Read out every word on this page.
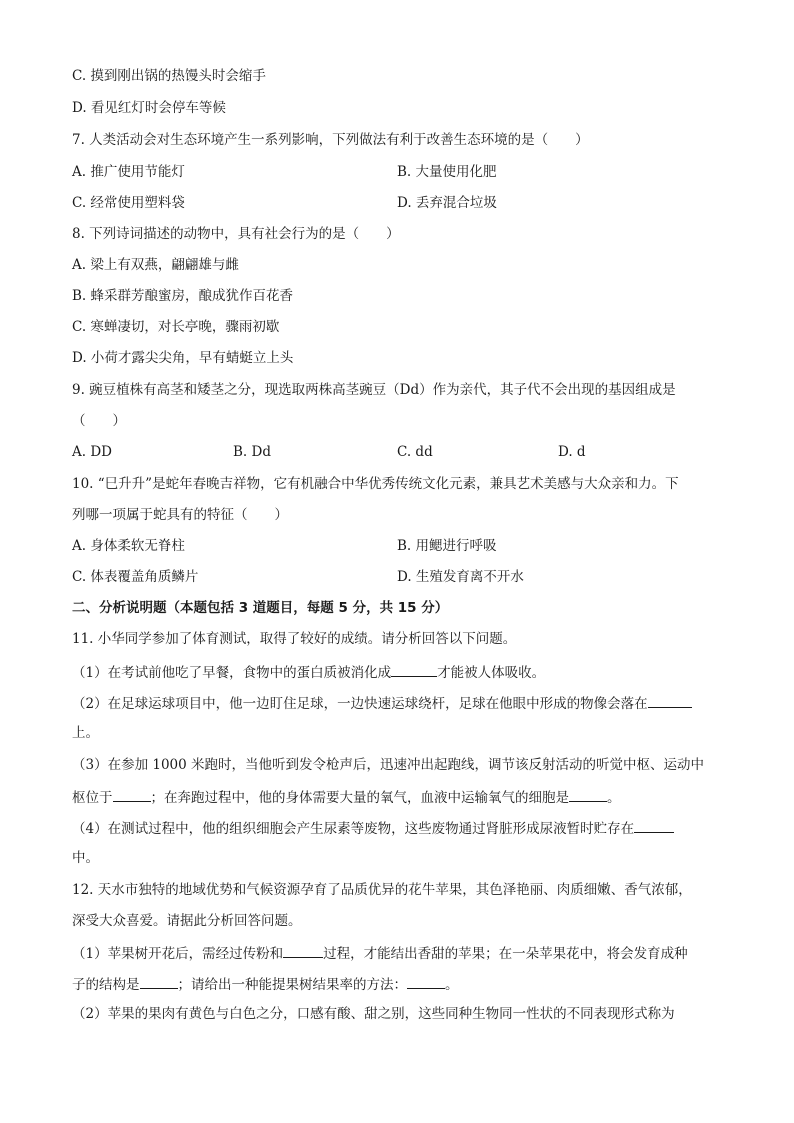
C. 摸到刚出锅的热馒头时会缩手
D. 看见红灯时会停车等候
7. 人类活动会对生态环境产生一系列影响，下列做法有利于改善生态环境的是（　　）
A. 推广使用节能灯	B. 大量使用化肥
C. 经常使用塑料袋	D. 丢弃混合垃圾
8. 下列诗词描述的动物中，具有社会行为的是（　　）
A. 梁上有双燕，翩翩雄与雌
B. 蜂采群芳酿蜜房，酿成犹作百花香
C. 寒蝉凄切，对长亭晚，骤雨初歇
D. 小荷才露尖尖角，早有蜻蜓立上头
9. 豌豆植株有高茎和矮茎之分，现选取两株高茎豌豆（Dd）作为亲代，其子代不会出现的基因组成是
（　　）
A. DD	B. Dd	C. dd	D. d
10. “巳升升”是蛇年春晚吉祥物，它有机融合中华优秀传统文化元素，兼具艺术美感与大众亲和力。下
列哪一项属于蛇具有的特征（　　）
A. 身体柔软无脊柱	B. 用鳃进行呼吸
C. 体表覆盖角质鳞片	D. 生殖发育离不开水
二、分析说明题（本题包括 3 道题目，每题 5 分，共 15 分）
11. 小华同学参加了体育测试，取得了较好的成绩。请分析回答以下问题。
（1）在考试前他吃了早餐，食物中的蛋白质被消化成	才能被人体吸收。
（2）在足球运球项目中，他一边盯住足球，一边快速运球绕杆，足球在他眼中形成的物像会落在
上。
（3）在参加 1000 米跑时，当他听到发令枪声后，迅速冲出起跑线，调节该反射活动的听觉中枢、运动中
枢位于	；在奔跑过程中，他的身体需要大量的氧气，血液中运输氧气的细胞是	。
（4）在测试过程中，他的组织细胞会产生尿素等废物，这些废物通过肾脏形成尿液暂时贮存在
中。
12. 天水市独特的地域优势和气候资源孕育了品质优异的花牛苹果，其色泽艳丽、肉质细嫩、香气浓郁，
深受大众喜爱。请据此分析回答问题。
（1）苹果树开花后，需经过传粉和	过程，才能结出香甜的苹果；在一朵苹果花中，将会发育成种
子的结构是	；请给出一种能提果树结果率的方法：	。
（2）苹果的果肉有黄色与白色之分，口感有酸、甜之别，这些同种生物同一性状的不同表现形式称为
